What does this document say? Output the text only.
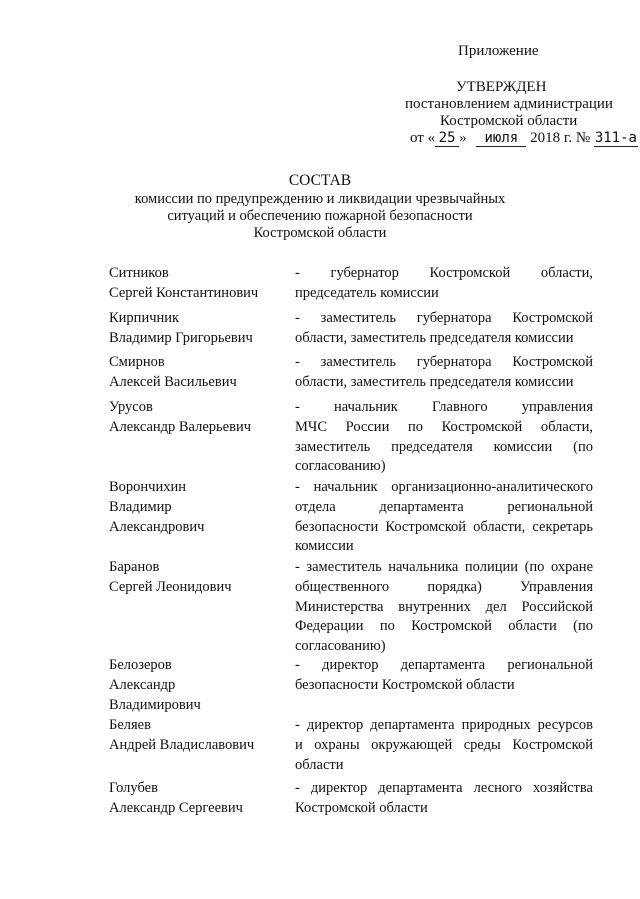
Приложение
УТВЕРЖДЕН
постановлением администрации
Костромской области
от « 25 » июля 2018 г. № 311-а
СОСТАВ
комиссии по предупреждению и ликвидации чрезвычайных
ситуаций и обеспечению пожарной безопасности
Костромской области
Ситников
Сергей Константинович
- губернатор Костромской области,
председатель комиссии
Кирпичник
Владимир Григорьевич
- заместитель губернатора Костромской
области, заместитель председателя комиссии
Смирнов
Алексей Васильевич
- заместитель губернатора Костромской
области, заместитель председателя комиссии
Урусов
Александр Валерьевич
- начальник Главного управления
МЧС России по Костромской области,
заместитель председателя комиссии (по
согласованию)
Ворончихин
Владимир
Александрович
- начальник организационно-аналитического
отдела департамента региональной
безопасности Костромской области, секретарь
комиссии
Баранов
Сергей Леонидович
- заместитель начальника полиции (по охране
общественного порядка) Управления
Министерства внутренних дел Российской
Федерации по Костромской области (по
согласованию)
Белозеров
Александр
Владимирович
- директор департамента региональной
безопасности Костромской области
Беляев
Андрей Владиславович
- директор департамента природных ресурсов
и охраны окружающей среды Костромской
области
Голубев
Александр Сергеевич
- директор департамента лесного хозяйства
Костромской области
